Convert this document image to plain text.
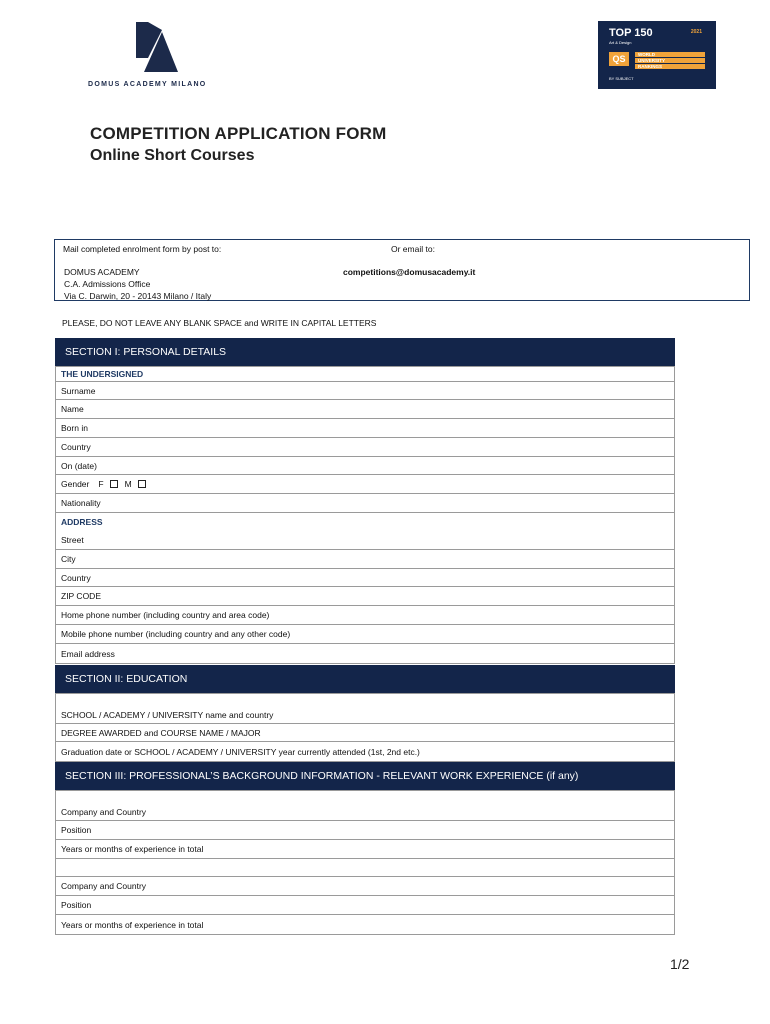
DOMUS ACADEMY MILANO
TOP 150	2021
Art & Design
QS	WORLD
UNIVERSITY
RANKINGS
BY SUBJECT
COMPETITION APPLICATION FORM
Online Short Courses
Mail completed enrolment form by post to:	Or email to:
DOMUS ACADEMY
C.A. Admissions Office
Via C. Darwin, 20 - 20143 Milano / Italy
competitions@domusacademy.it
PLEASE, DO NOT LEAVE ANY BLANK SPACE and WRITE IN CAPITAL LETTERS
SECTION I: PERSONAL DETAILS
THE UNDERSIGNED
Surname
Name
Born in
Country
On (date)
Gender F M
Nationality
ADDRESS
Street
City
Country
ZIP CODE
Home phone number (including country and area code)
Mobile phone number (including country and any other code)
Email address
SECTION II: EDUCATION
SCHOOL / ACADEMY / UNIVERSITY name and country
DEGREE AWARDED and COURSE NAME / MAJOR
Graduation date or SCHOOL / ACADEMY / UNIVERSITY year currently attended (1st, 2nd etc.)
SECTION III: PROFESSIONAL’S BACKGROUND INFORMATION - RELEVANT WORK EXPERIENCE (if any)
Company and Country
Position
Years or months of experience in total
Company and Country
Position
Years or months of experience in total
1/2
